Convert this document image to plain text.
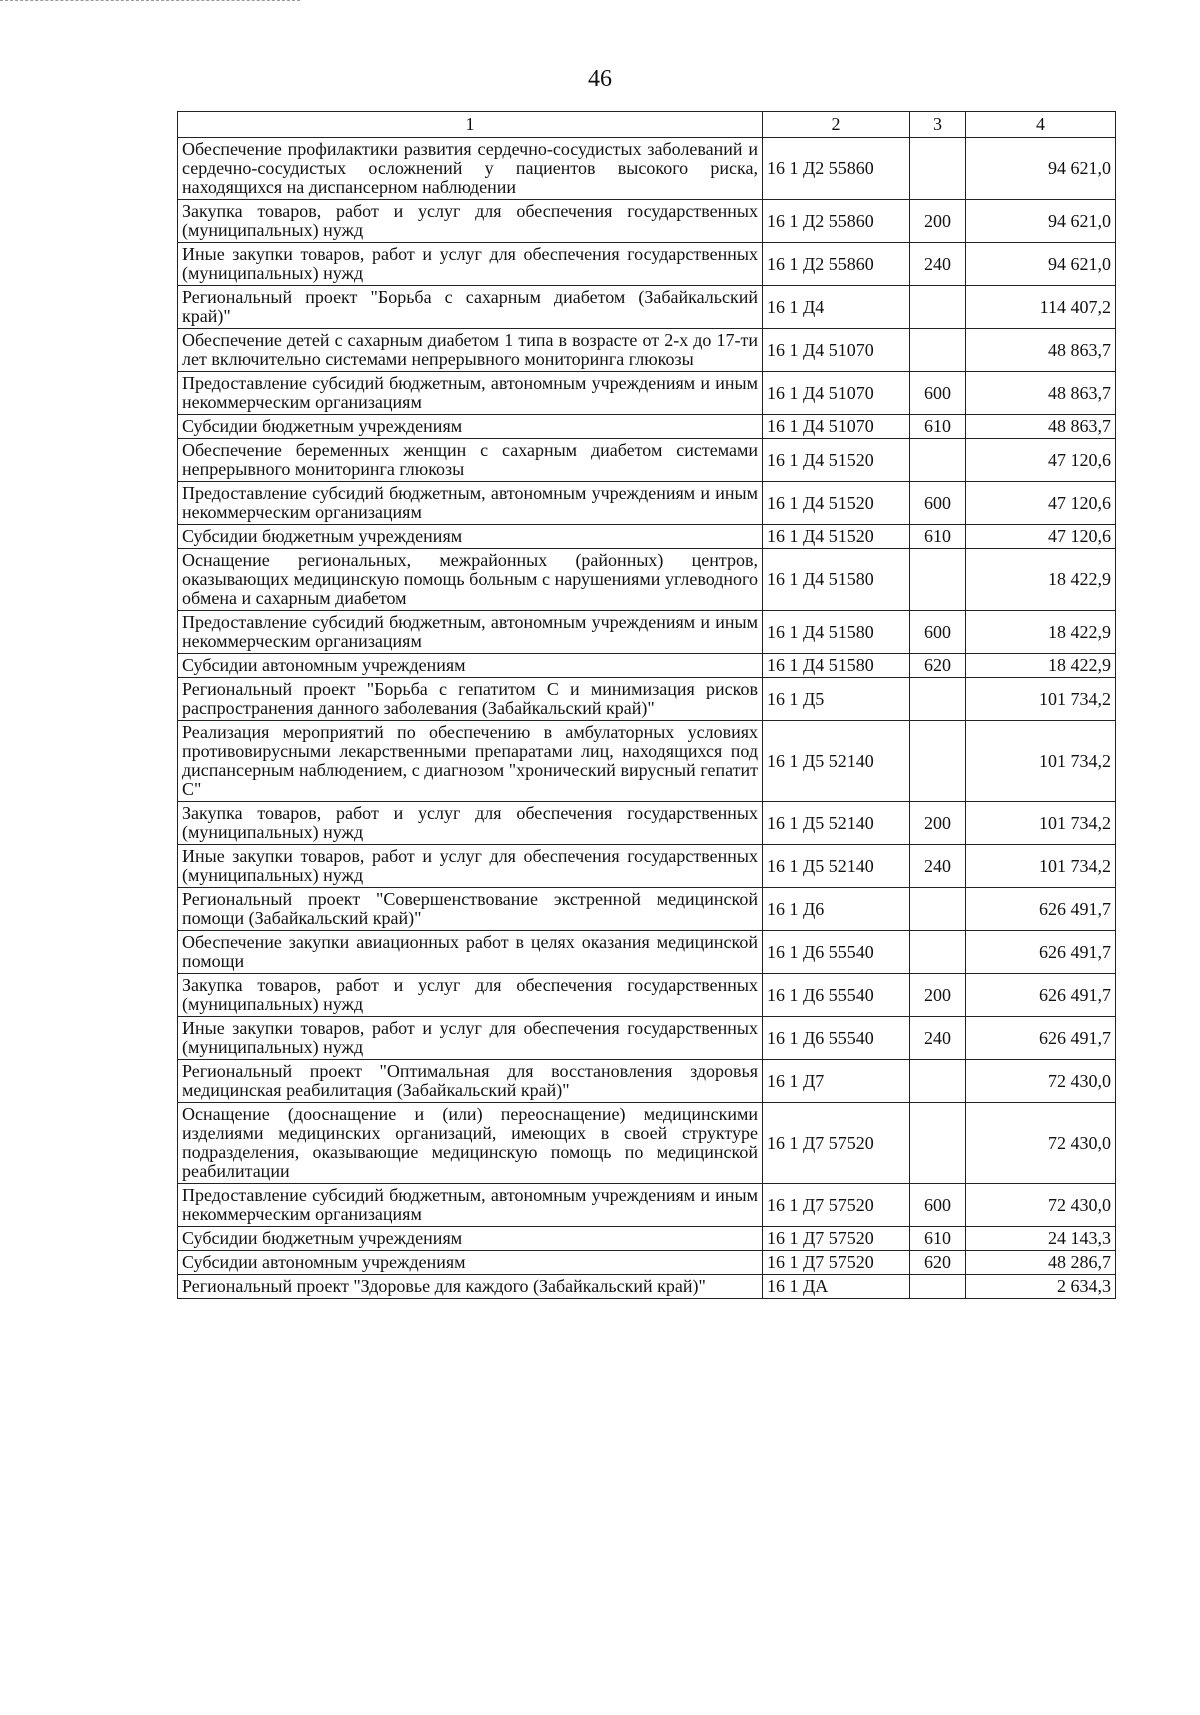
46
1	2	3	4
Обеспечение профилактики развития сердечно-сосудистых заболеваний и сердечно-сосудистых осложнений у пациентов высокого риска, находящихся на диспансерном наблюдении	16 1 Д2 55860		94 621,0
Закупка товаров, работ и услуг для обеспечения государственных (муниципальных) нужд	16 1 Д2 55860	200	94 621,0
Иные закупки товаров, работ и услуг для обеспечения государственных (муниципальных) нужд	16 1 Д2 55860	240	94 621,0
Региональный проект "Борьба с сахарным диабетом (Забайкальский край)"	16 1 Д4		114 407,2
Обеспечение детей с сахарным диабетом 1 типа в возрасте от 2-х до 17-ти лет включительно системами непрерывного мониторинга глюкозы	16 1 Д4 51070		48 863,7
Предоставление субсидий бюджетным, автономным учреждениям и иным некоммерческим организациям	16 1 Д4 51070	600	48 863,7
Субсидии бюджетным учреждениям	16 1 Д4 51070	610	48 863,7
Обеспечение беременных женщин с сахарным диабетом системами непрерывного мониторинга глюкозы	16 1 Д4 51520		47 120,6
Предоставление субсидий бюджетным, автономным учреждениям и иным некоммерческим организациям	16 1 Д4 51520	600	47 120,6
Субсидии бюджетным учреждениям	16 1 Д4 51520	610	47 120,6
Оснащение региональных, межрайонных (районных) центров, оказывающих медицинскую помощь больным с нарушениями углеводного обмена и сахарным диабетом	16 1 Д4 51580		18 422,9
Предоставление субсидий бюджетным, автономным учреждениям и иным некоммерческим организациям	16 1 Д4 51580	600	18 422,9
Субсидии автономным учреждениям	16 1 Д4 51580	620	18 422,9
Региональный проект "Борьба с гепатитом С и минимизация рисков распространения данного заболевания (Забайкальский край)"	16 1 Д5		101 734,2
Реализация мероприятий по обеспечению в амбулаторных условиях противовирусными лекарственными препаратами лиц, находящихся под диспансерным наблюдением, с диагнозом "хронический вирусный гепатит С"	16 1 Д5 52140		101 734,2
Закупка товаров, работ и услуг для обеспечения государственных (муниципальных) нужд	16 1 Д5 52140	200	101 734,2
Иные закупки товаров, работ и услуг для обеспечения государственных (муниципальных) нужд	16 1 Д5 52140	240	101 734,2
Региональный проект "Совершенствование экстренной медицинской помощи (Забайкальский край)"	16 1 Д6		626 491,7
Обеспечение закупки авиационных работ в целях оказания медицинской помощи	16 1 Д6 55540		626 491,7
Закупка товаров, работ и услуг для обеспечения государственных (муниципальных) нужд	16 1 Д6 55540	200	626 491,7
Иные закупки товаров, работ и услуг для обеспечения государственных (муниципальных) нужд	16 1 Д6 55540	240	626 491,7
Региональный проект "Оптимальная для восстановления здоровья медицинская реабилитация (Забайкальский край)"	16 1 Д7		72 430,0
Оснащение (дооснащение и (или) переоснащение) медицинскими изделиями медицинских организаций, имеющих в своей структуре подразделения, оказывающие медицинскую помощь по медицинской реабилитации	16 1 Д7 57520		72 430,0
Предоставление субсидий бюджетным, автономным учреждениям и иным некоммерческим организациям	16 1 Д7 57520	600	72 430,0
Субсидии бюджетным учреждениям	16 1 Д7 57520	610	24 143,3
Субсидии автономным учреждениям	16 1 Д7 57520	620	48 286,7
Региональный проект "Здоровье для каждого (Забайкальский край)"	16 1 ДА		2 634,3
